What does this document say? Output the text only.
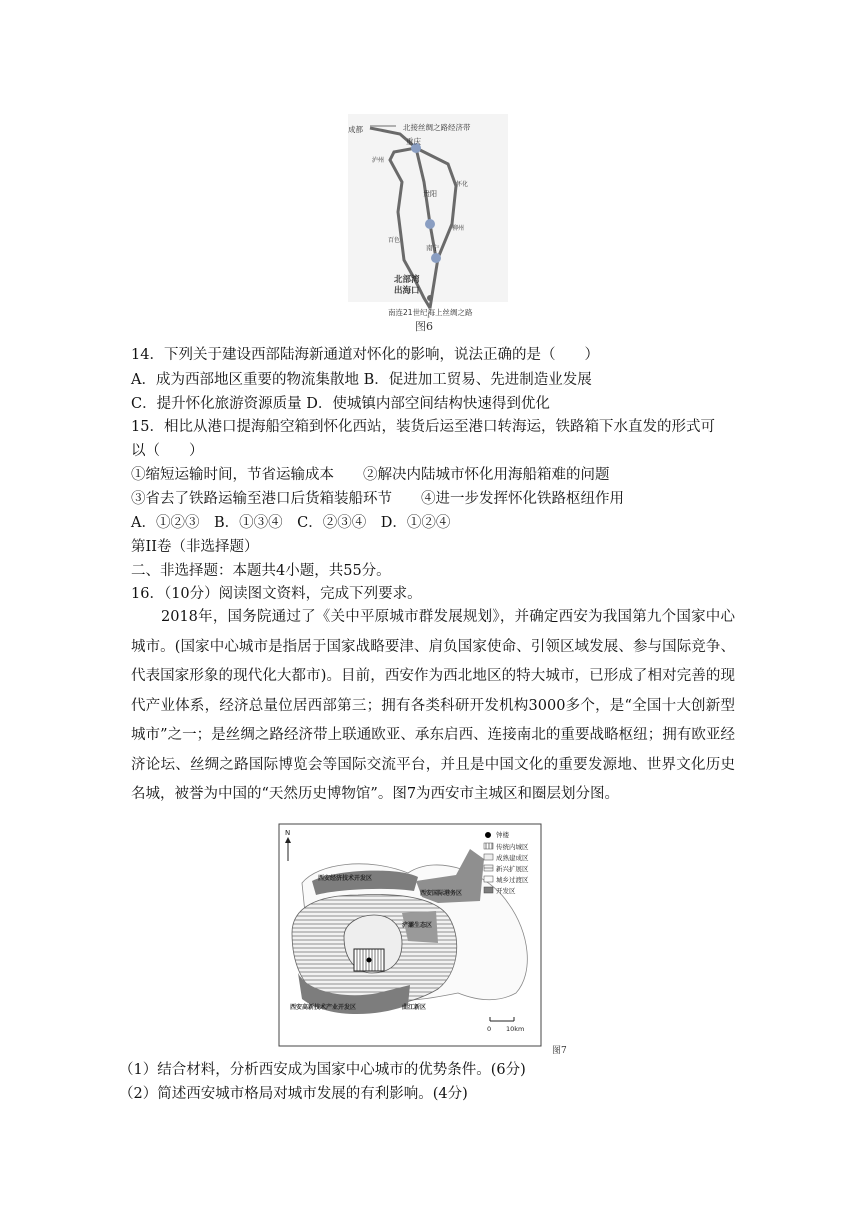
北接丝绸之路经济带
成都
重庆
泸州
贵阳
怀化
柳州
百色
南宁
北部湾
出海口
南连21世纪海上丝绸之路
图6
14．下列关于建设西部陆海新通道对怀化的影响，说法正确的是（　　）
A．成为西部地区重要的物流集散地 B．促进加工贸易、先进制造业发展
C．提升怀化旅游资源质量 D．使城镇内部空间结构快速得到优化
15．相比从港口提海船空箱到怀化西站，装货后运至港口转海运，铁路箱下水直发的形式可
以（　　）
①缩短运输时间，节省运输成本　　②解决内陆城市怀化用海船箱难的问题
③省去了铁路运输至港口后货箱装船环节　　④进一步发挥怀化铁路枢纽作用
A．①②③　B．①③④　C．②③④　D．①②④
第II卷（非选择题）
二、非选择题：本题共4小题，共55分。
16．（10分）阅读图文资料，完成下列要求。
2018年，国务院通过了《关中平原城市群发展规划》，并确定西安为我国第九个国家中心城市。(国家中心城市是指居于国家战略要津、肩负国家使命、引领区域发展、参与国际竞争、代表国家形象的现代化大都市)。目前，西安作为西北地区的特大城市，已形成了相对完善的现代产业体系，经济总量位居西部第三；拥有各类科研开发机构3000多个，是“全国十大创新型城市”之一；是丝绸之路经济带上联通欧亚、承东启西、连接南北的重要战略枢纽；拥有欧亚经济论坛、丝绸之路国际博览会等国际交流平台，并且是中国文化的重要发源地、世界文化历史名城，被誉为中国的“天然历史博物馆”。图7为西安市主城区和圈层划分图。
西安经济技术开发区
西安国际港务区
浐灞生态区
西安高新技术产业开发区	曲江新区
N	钟楼
传统内城区
成熟建成区
新兴扩展区
城乡过渡区
开发区
0 10km
图7
（1）结合材料，分析西安成为国家中心城市的优势条件。(6分)
（2）简述西安城市格局对城市发展的有利影响。(4分)
